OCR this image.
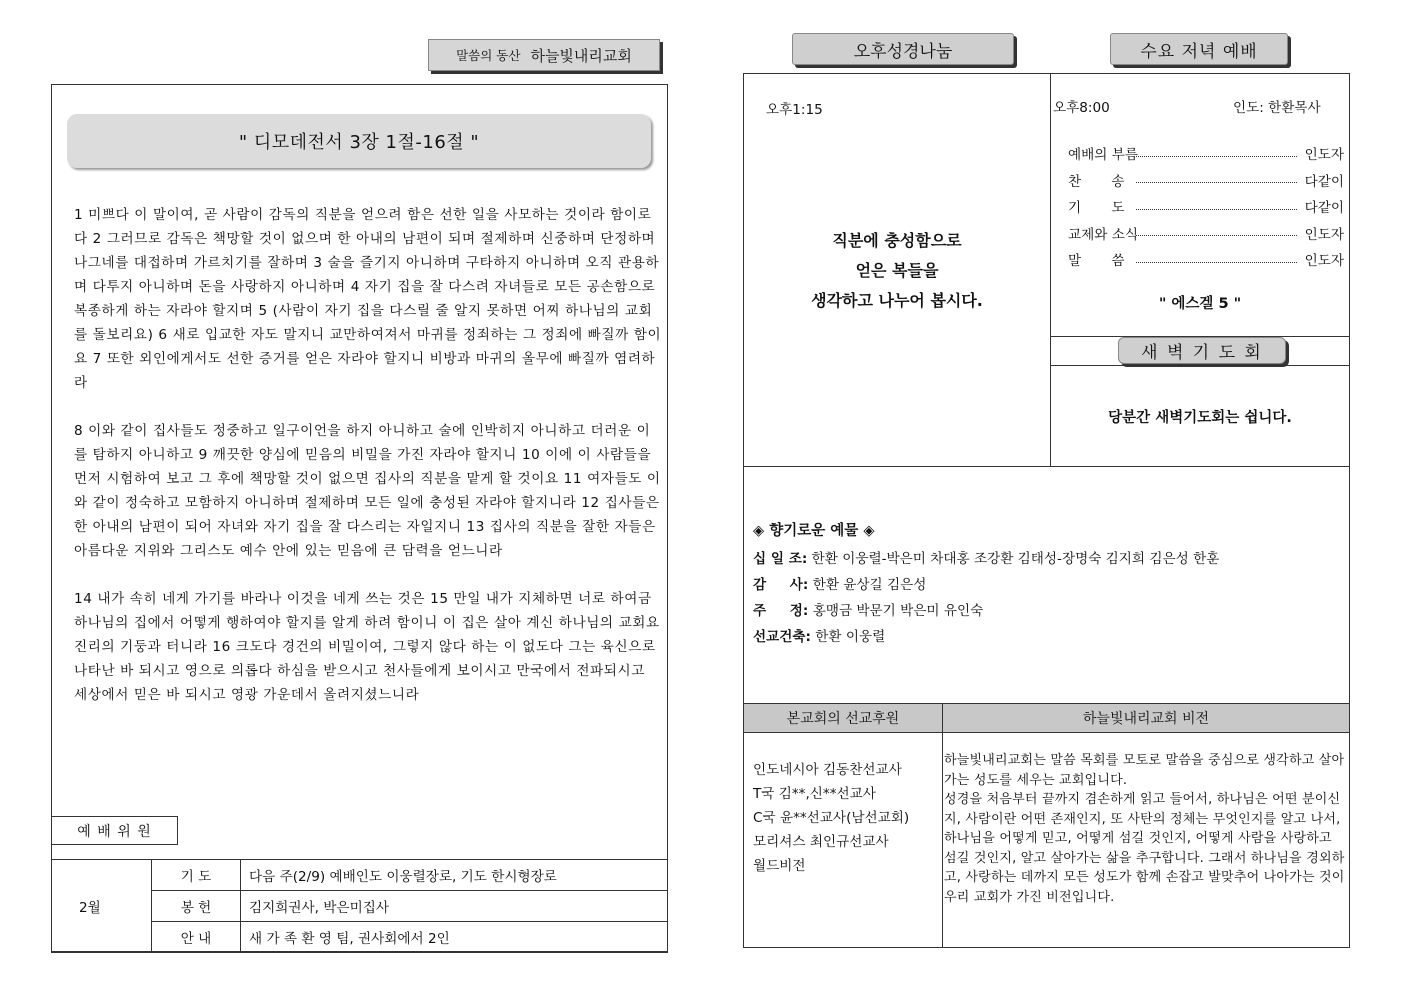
말씀의 동산 하늘빛내리교회
" 디모데전서 3장 1절-16절 "

1 미쁘다 이 말이여, 곧 사람이 감독의 직분을 얻으려 함은 선한 일을 사모하는 것이라 함이로다 2 그러므로 감독은 책망할 것이 없으며 한 아내의 남편이 되며 절제하며 신중하며 단정하며 나그네를 대접하며 가르치기를 잘하며 3 술을 즐기지 아니하며 구타하지 아니하며 오직 관용하며 다투지 아니하며 돈을 사랑하지 아니하며 4 자기 집을 잘 다스려 자녀들로 모든 공손함으로 복종하게 하는 자라야 할지며 5 (사람이 자기 집을 다스릴 줄 알지 못하면 어찌 하나님의 교회를 돌보리요) 6 새로 입교한 자도 말지니 교만하여져서 마귀를 정죄하는 그 정죄에 빠질까 함이요 7 또한 외인에게서도 선한 증거를 얻은 자라야 할지니 비방과 마귀의 올무에 빠질까 염려하라

8 이와 같이 집사들도 정중하고 일구이언을 하지 아니하고 술에 인박히지 아니하고 더러운 이를 탐하지 아니하고 9 깨끗한 양심에 믿음의 비밀을 가진 자라야 할지니 10 이에 이 사람들을 먼저 시험하여 보고 그 후에 책망할 것이 없으면 집사의 직분을 맡게 할 것이요 11 여자들도 이와 같이 정숙하고 모함하지 아니하며 절제하며 모든 일에 충성된 자라야 할지니라 12 집사들은 한 아내의 남편이 되어 자녀와 자기 집을 잘 다스리는 자일지니 13 집사의 직분을 잘한 자들은 아름다운 지위와 그리스도 예수 안에 있는 믿음에 큰 담력을 얻느니라

14 내가 속히 네게 가기를 바라나 이것을 네게 쓰는 것은 15 만일 내가 지체하면 너로 하여금 하나님의 집에서 어떻게 행하여야 할지를 알게 하려 함이니 이 집은 살아 계신 하나님의 교회요 진리의 기둥과 터니라 16 크도다 경건의 비밀이여, 그렇지 않다 하는 이 없도다 그는 육신으로 나타난 바 되시고 영으로 의롭다 하심을 받으시고 천사들에게 보이시고 만국에서 전파되시고 세상에서 믿은 바 되시고 영광 가운데서 올려지셨느니라

예 배 위 원
2월	기 도	다음 주(2/9) 예배인도 이웅렬장로, 기도 한시형장로
	봉 헌	김지희권사, 박은미집사
	안 내	새 가 족 환 영 팀, 권사회에서 2인
오후성경나눔	수요 저녁 예배
오후1:15
직분에 충성함으로
얻은 복들을
생각하고 나누어 봅시다.
오후8:00	인도: 한환목사
예배의 부름	인도자
찬       송	다같이
기       도	다같이
교제와 소식	인도자
말       씀	인도자
" 에스겔 5 "
새 벽 기 도 회
당분간 새벽기도회는 쉽니다.
◈ 향기로운 예물 ◈
십 일 조: 한환 이웅렬-박은미 차대홍 조강환 김태성-장명숙 김지희 김은성 한훈
감     사: 한환 윤상길 김은성
주     정: 홍맹금 박문기 박은미 유인숙
선교건축: 한환 이웅렬
본교회의 선교후원	하늘빛내리교회 비전
인도네시아 김동찬선교사
T국 김**,신**선교사
C국 윤**선교사(남선교회)
모리셔스 최인규선교사
월드비전
하늘빛내리교회는 말씀 목회를 모토로 말씀을 중심으로 생각하고 살아가는 성도를 세우는 교회입니다.
성경을 처음부터 끝까지 겸손하게 읽고 들어서, 하나님은 어떤 분이신지, 사람이란 어떤 존재인지, 또 사탄의 정체는 무엇인지를 알고 나서, 하나님을 어떻게 믿고, 어떻게 섬길 것인지, 어떻게 사람을 사랑하고 섬길 것인지, 알고 살아가는 삶을 추구합니다. 그래서 하나님을 경외하고, 사랑하는 데까지 모든 성도가 함께 손잡고 발맞추어 나아가는 것이 우리 교회가 가진 비전입니다.
